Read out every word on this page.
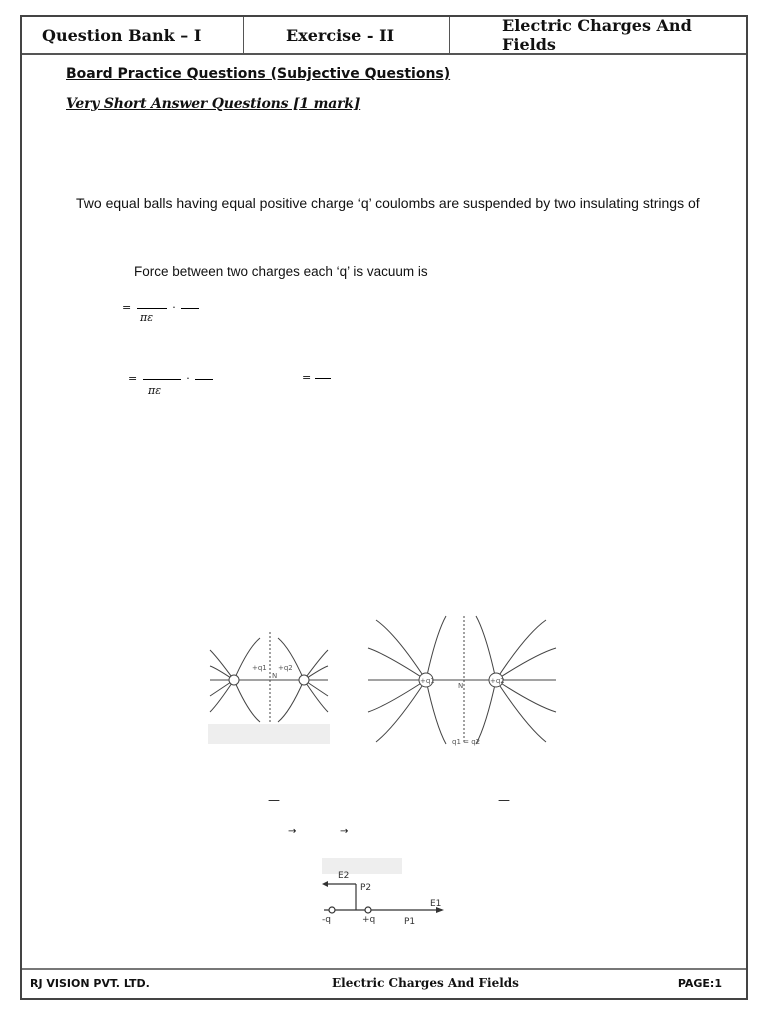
Question Bank – I	Exercise - II	Electric Charges And Fields
Board Practice Questions (Subjective Questions)
Very Short Answer Questions [1 mark]
Two equal balls having equal positive charge ‘q’ coulombs are suspended by two insulating strings of
Force between two charges each ‘q’ is vacuum is
=	·
πε
=	·
πε
=
+q1
N
+q2
+q1
N
+q2
q1 = q2
—	—
→	→
E2
P2
-q	+q	P1
E1
RJ VISION PVT. LTD.	Electric Charges And Fields	PAGE:1
